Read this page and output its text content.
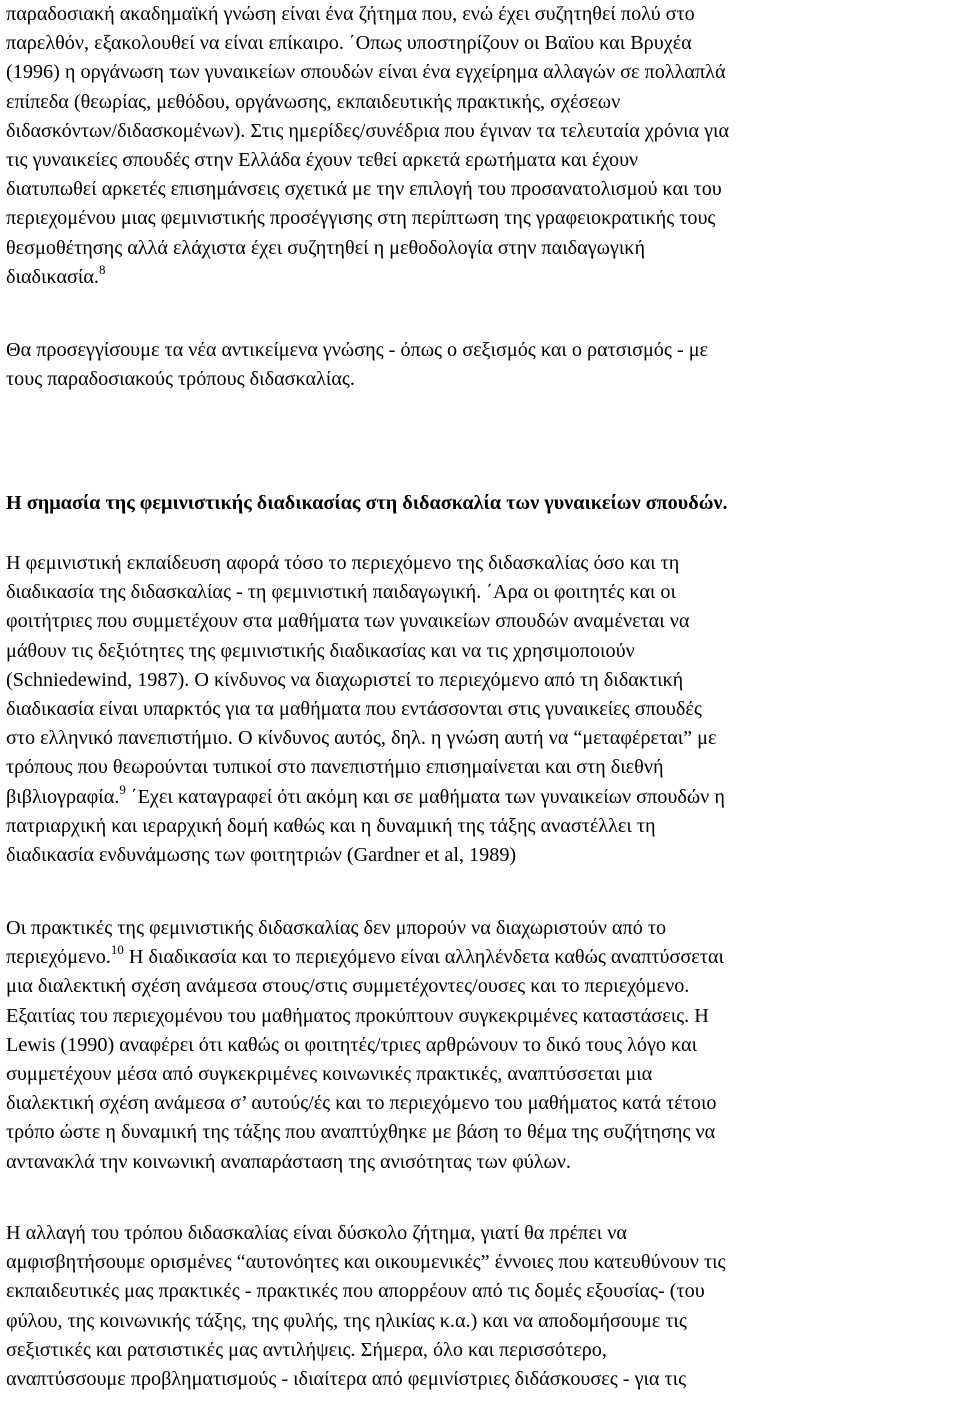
παραδοσιακή ακαδημαϊκή γνώση είναι ένα ζήτημα που, ενώ έχει συζητηθεί πολύ στο
παρελθόν, εξακολουθεί να είναι επίκαιρο. ΄Οπως υποστηρίζουν οι Βαϊου και Βρυχέα
(1996) η οργάνωση των γυναικείων σπουδών είναι ένα εγχείρημα αλλαγών σε πολλαπλά
επίπεδα (θεωρίας, μεθόδου, οργάνωσης, εκπαιδευτικής πρακτικής, σχέσεων
διδασκόντων/διδασκομένων). Στις ημερίδες/συνέδρια που έγιναν τα τελευταία χρόνια για
τις γυναικείες σπουδές στην Ελλάδα έχουν τεθεί αρκετά ερωτήματα και έχουν
διατυπωθεί αρκετές επισημάνσεις σχετικά με την επιλογή του προσανατολισμού και του
περιεχομένου μιας φεμινιστικής προσέγγισης στη περίπτωση της γραφειοκρατικής τους
θεσμοθέτησης αλλά ελάχιστα έχει συζητηθεί η μεθοδολογία στην παιδαγωγική
διαδικασία.$^8$

Θα προσεγγίσουμε τα νέα αντικείμενα γνώσης - όπως ο σεξισμός και ο ρατσισμός - με
τους παραδοσιακούς τρόπους διδασκαλίας.

Η σημασία της φεμινιστικής διαδικασίας στη διδασκαλία των γυναικείων σπουδών.

Η φεμινιστική εκπαίδευση αφορά τόσο το περιεχόμενο της διδασκαλίας όσο και τη
διαδικασία της διδασκαλίας - τη φεμινιστική παιδαγωγική. ΄Αρα οι φοιτητές και οι
φοιτήτριες που συμμετέχουν στα μαθήματα των γυναικείων σπουδών αναμένεται να
μάθουν τις δεξιότητες της φεμινιστικής διαδικασίας και να τις χρησιμοποιούν
(Schniedewind, 1987). Ο κίνδυνος να διαχωριστεί το περιεχόμενο από τη διδακτική
διαδικασία είναι υπαρκτός για τα μαθήματα που εντάσσονται στις γυναικείες σπουδές
στο ελληνικό πανεπιστήμιο. Ο κίνδυνος αυτός, δηλ. η γνώση αυτή να “μεταφέρεται” με
τρόπους που θεωρούνται τυπικοί στο πανεπιστήμιο επισημαίνεται και στη διεθνή
βιβλιογραφία.$^9$ ΄Εχει καταγραφεί ότι ακόμη και σε μαθήματα των γυναικείων σπουδών η
πατριαρχική και ιεραρχική δομή καθώς και η δυναμική της τάξης αναστέλλει τη
διαδικασία ενδυνάμωσης των φοιτητριών (Gardner et al, 1989)

Οι πρακτικές της φεμινιστικής διδασκαλίας δεν μπορούν να διαχωριστούν από το
περιεχόμενο.$^{10}$ Η διαδικασία και το περιεχόμενο είναι αλληλένδετα καθώς αναπτύσσεται
μια διαλεκτική σχέση ανάμεσα στους/στις συμμετέχοντες/ουσες και το περιεχόμενο.
Εξαιτίας του περιεχομένου του μαθήματος προκύπτουν συγκεκριμένες καταστάσεις. Η
Lewis (1990) αναφέρει ότι καθώς οι φοιτητές/τριες αρθρώνουν το δικό τους λόγο και
συμμετέχουν μέσα από συγκεκριμένες κοινωνικές πρακτικές, αναπτύσσεται μια
διαλεκτική σχέση ανάμεσα σ’ αυτούς/ές και το περιεχόμενο του μαθήματος κατά τέτοιο
τρόπο ώστε η δυναμική της τάξης που αναπτύχθηκε με βάση το θέμα της συζήτησης να
αντανακλά την κοινωνική αναπαράσταση της ανισότητας των φύλων.

Η αλλαγή του τρόπου διδασκαλίας είναι δύσκολο ζήτημα, γιατί θα πρέπει να
αμφισβητήσουμε ορισμένες “αυτονόητες και οικουμενικές” έννοιες που κατευθύνουν τις
εκπαιδευτικές μας πρακτικές - πρακτικές που απορρέουν από τις δομές εξουσίας- (του
φύλου, της κοινωνικής τάξης, της φυλής, της ηλικίας κ.α.) και να αποδομήσουμε τις
σεξιστικές και ρατσιστικές μας αντιλήψεις. Σήμερα, όλο και περισσότερο,
αναπτύσσουμε προβληματισμούς - ιδιαίτερα από φεμινίστριες διδάσκουσες - για τις
